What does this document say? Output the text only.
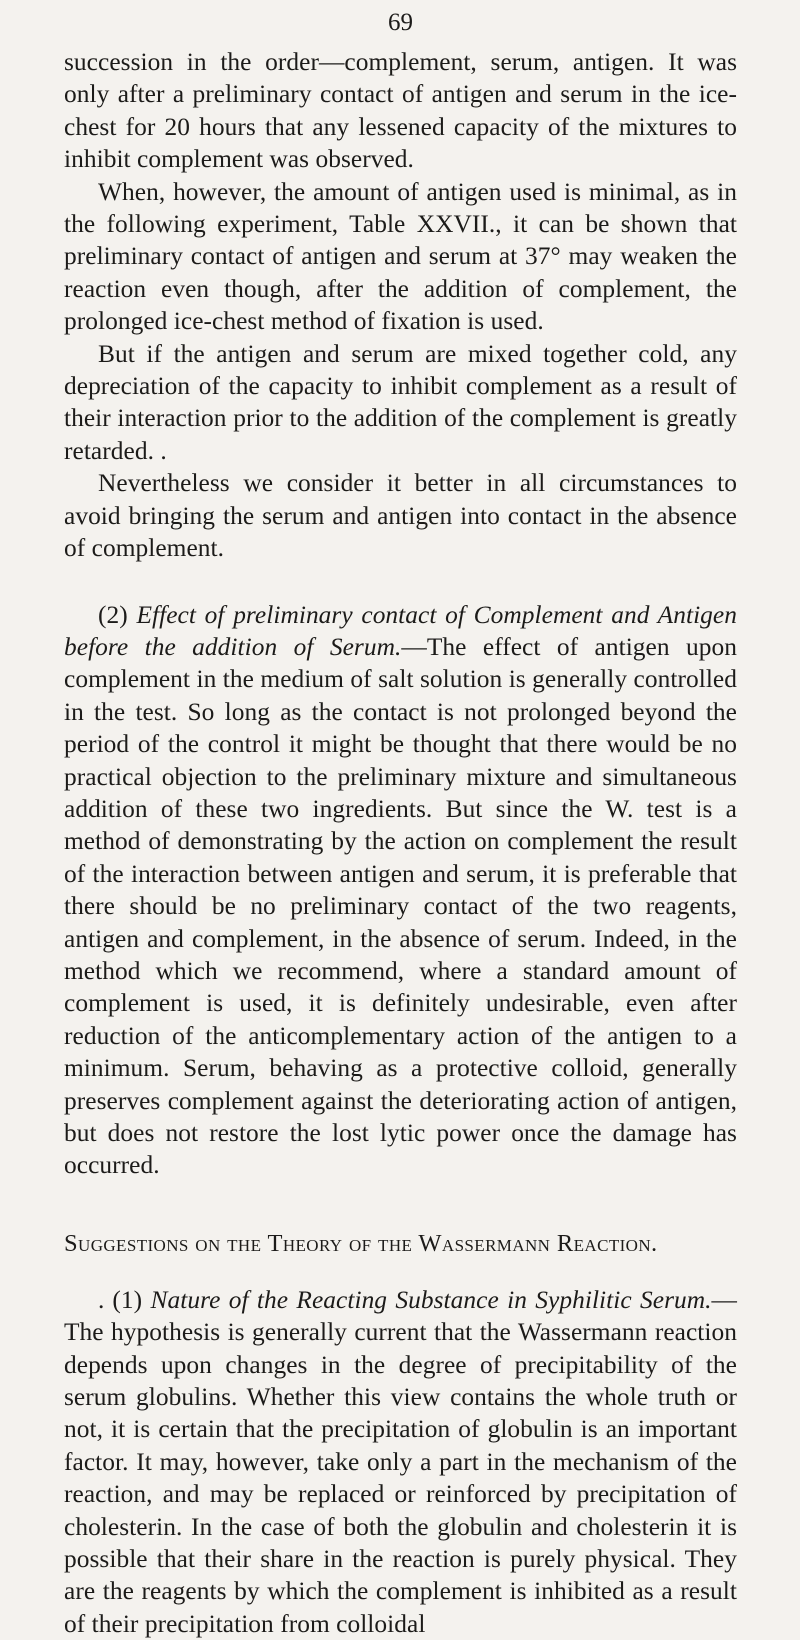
69

succession in the order—complement, serum, antigen. It was only after a preliminary contact of antigen and serum in the ice-chest for 20 hours that any lessened capacity of the mixtures to inhibit complement was observed.

When, however, the amount of antigen used is minimal, as in the following experiment, Table XXVII., it can be shown that preliminary contact of antigen and serum at 37° may weaken the reaction even though, after the addition of complement, the prolonged ice-chest method of fixation is used.

But if the antigen and serum are mixed together cold, any depreciation of the capacity to inhibit complement as a result of their interaction prior to the addition of the complement is greatly retarded. .

Nevertheless we consider it better in all circumstances to avoid bringing the serum and antigen into contact in the absence of complement.

(2) Effect of preliminary contact of Complement and Antigen before the addition of Serum.—The effect of antigen upon complement in the medium of salt solution is generally controlled in the test. So long as the contact is not prolonged beyond the period of the control it might be thought that there would be no practical objection to the preliminary mixture and simultaneous addition of these two ingredients. But since the W. test is a method of demonstrating by the action on complement the result of the interaction between antigen and serum, it is preferable that there should be no preliminary contact of the two reagents, antigen and complement, in the absence of serum. Indeed, in the method which we recommend, where a standard amount of complement is used, it is definitely undesirable, even after reduction of the anticomplementary action of the antigen to a minimum. Serum, behaving as a protective colloid, generally preserves complement against the deteriorating action of antigen, but does not restore the lost lytic power once the damage has occurred.

Suggestions on the Theory of the Wassermann Reaction.

. (1) Nature of the Reacting Substance in Syphilitic Serum.—The hypothesis is generally current that the Wassermann reaction depends upon changes in the degree of precipitability of the serum globulins. Whether this view contains the whole truth or not, it is certain that the precipitation of globulin is an important factor. It may, however, take only a part in the mechanism of the reaction, and may be replaced or reinforced by precipitation of cholesterin. In the case of both the globulin and cholesterin it is possible that their share in the reaction is purely physical. They are the reagents by which the complement is inhibited as a result of their precipitation from colloidal
